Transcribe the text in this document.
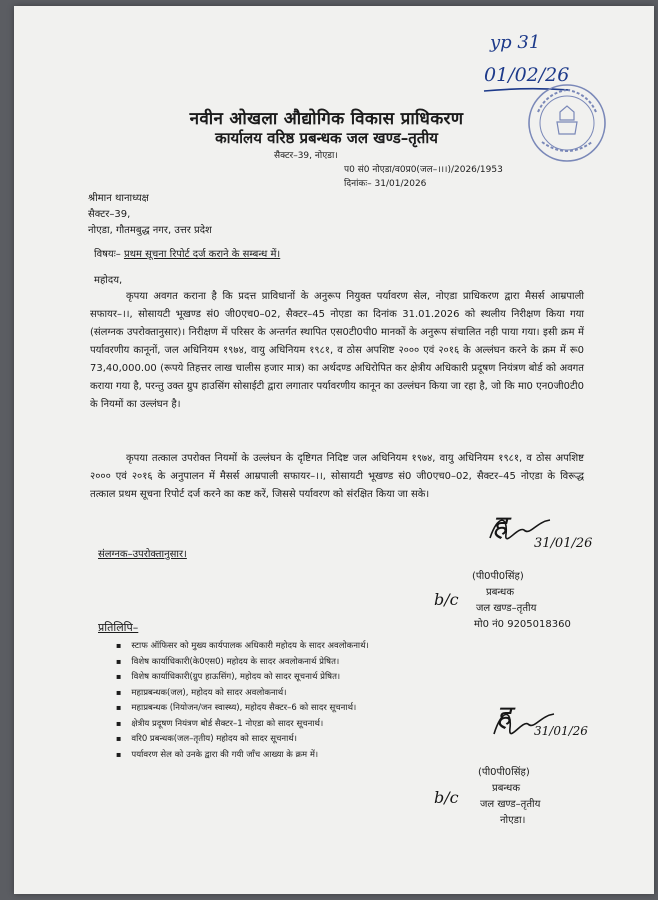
yp 31
01/02/26
नवीन ओखला औद्योगिक विकास प्राधिकरण
कार्यालय वरिष्ठ प्रबन्धक जल खण्ड–तृतीय
सैक्टर–39, नोएडा।
प0 सं0 नोएडा/व0प्र0(जल–।।।)/2026/1953
दिनांकः– 31/01/2026
श्रीमान थानाध्यक्ष
सैक्टर–39,
नोएडा, गौतमबुद्ध नगर, उत्तर प्रदेश
विषयः– प्रथम सूचना रिपोर्ट दर्ज कराने के सम्बन्ध में।
महोदय,
कृपया अवगत कराना है कि प्रदत्त प्राविधानों के अनुरूप नियुक्त पर्यावरण सेल, नोएडा प्राधिकरण द्वारा मैसर्स आम्रपाली सफायर–।।, सोसायटी भूखण्ड सं0 जी0एच0–02, सैक्टर–45 नोएडा का दिनांक 31.01.2026 को स्थलीय निरीक्षण किया गया (संलग्नक उपरोक्तानुसार)। निरीक्षण में परिसर के अन्तर्गत स्थापित एस0टी0पी0 मानकों के अनुरूप संचालित नही पाया गया। इसी क्रम में पर्यावरणीय कानूनों, जल अधिनियम १९७४, वायु अधिनियम १९८१, व ठोस अपशिष्ट २००० एवं २०१६ के अल्लंघन करने के क्रम में रू0 73,40,000.00 (रूपये तिहत्तर लाख चालीस हजार मात्र) का अर्थदण्ड अधिरोपित कर क्षेत्रीय अधिकारी प्रदूषण नियंत्रण बोर्ड को अवगत कराया गया है, परन्तु उक्त ग्रुप हाउसिंग सोसाईटी द्वारा लगातार पर्यावरणीय कानून का उल्लंघन किया जा रहा है, जो कि मा0 एन0जी0टी0 के नियमों का उल्लंघन है।
कृपया तत्काल उपरोक्त नियमों के उल्लंघन के दृष्टिगत निदिष्ट जल अधिनियम १९७४, वायु अधिनियम १९८१, व ठोस अपशिष्ट २००० एवं २०१६ के अनुपालन में मैसर्स आम्रपाली सफायर–।।, सोसायटी भूखण्ड सं0 जी0एच0–02, सैक्टर–45 नोएडा के विरूद्ध तत्काल प्रथम सूचना रिपोर्ट दर्ज करने का कष्ट करें, जिससे पर्यावरण को संरक्षित किया जा सके।
संलग्नक–उपरोक्तानुसार।
ह
31/01/26
(पी0पी0सिंह)
प्रबन्धक
b/c जल खण्ड–तृतीय
मो0 नं0 9205018360
प्रतिलिपि–
▪ स्टाफ ऑफिसर को मुख्य कार्यपालक अधिकारी महोदय के सादर अवलोकनार्थ।
▪ विशेष कार्याधिकारी(के0एस0) महोदय के सादर अवलोकनार्थ प्रेषित।
▪ विशेष कार्याधिकारी(ग्रुप हाऊसिंग), महोदय को सादर सूचनार्थ प्रेषित।
▪ महाप्रबन्धक(जल), महोदय को सादर अवलोकनार्थ।
▪ महाप्रबन्धक (नियोजन/जन स्वास्थ्य), महोदय सैक्टर–6 को सादर सूचनार्थ।
▪ क्षेत्रीय प्रदूषण नियंत्रण बोर्ड सैक्टर–1 नोएडा को सादर सूचनार्थ।
▪ वरि0 प्रबन्धक(जल–तृतीय) महोदय को सादर सूचनार्थ।
▪ पर्यावरण सेल को उनके द्वारा की गयी जाँच आख्या के क्रम में।
ह 31/01/26
(पी0पी0सिंह)
प्रबन्धक
b/c जल खण्ड–तृतीय
नोएडा।
